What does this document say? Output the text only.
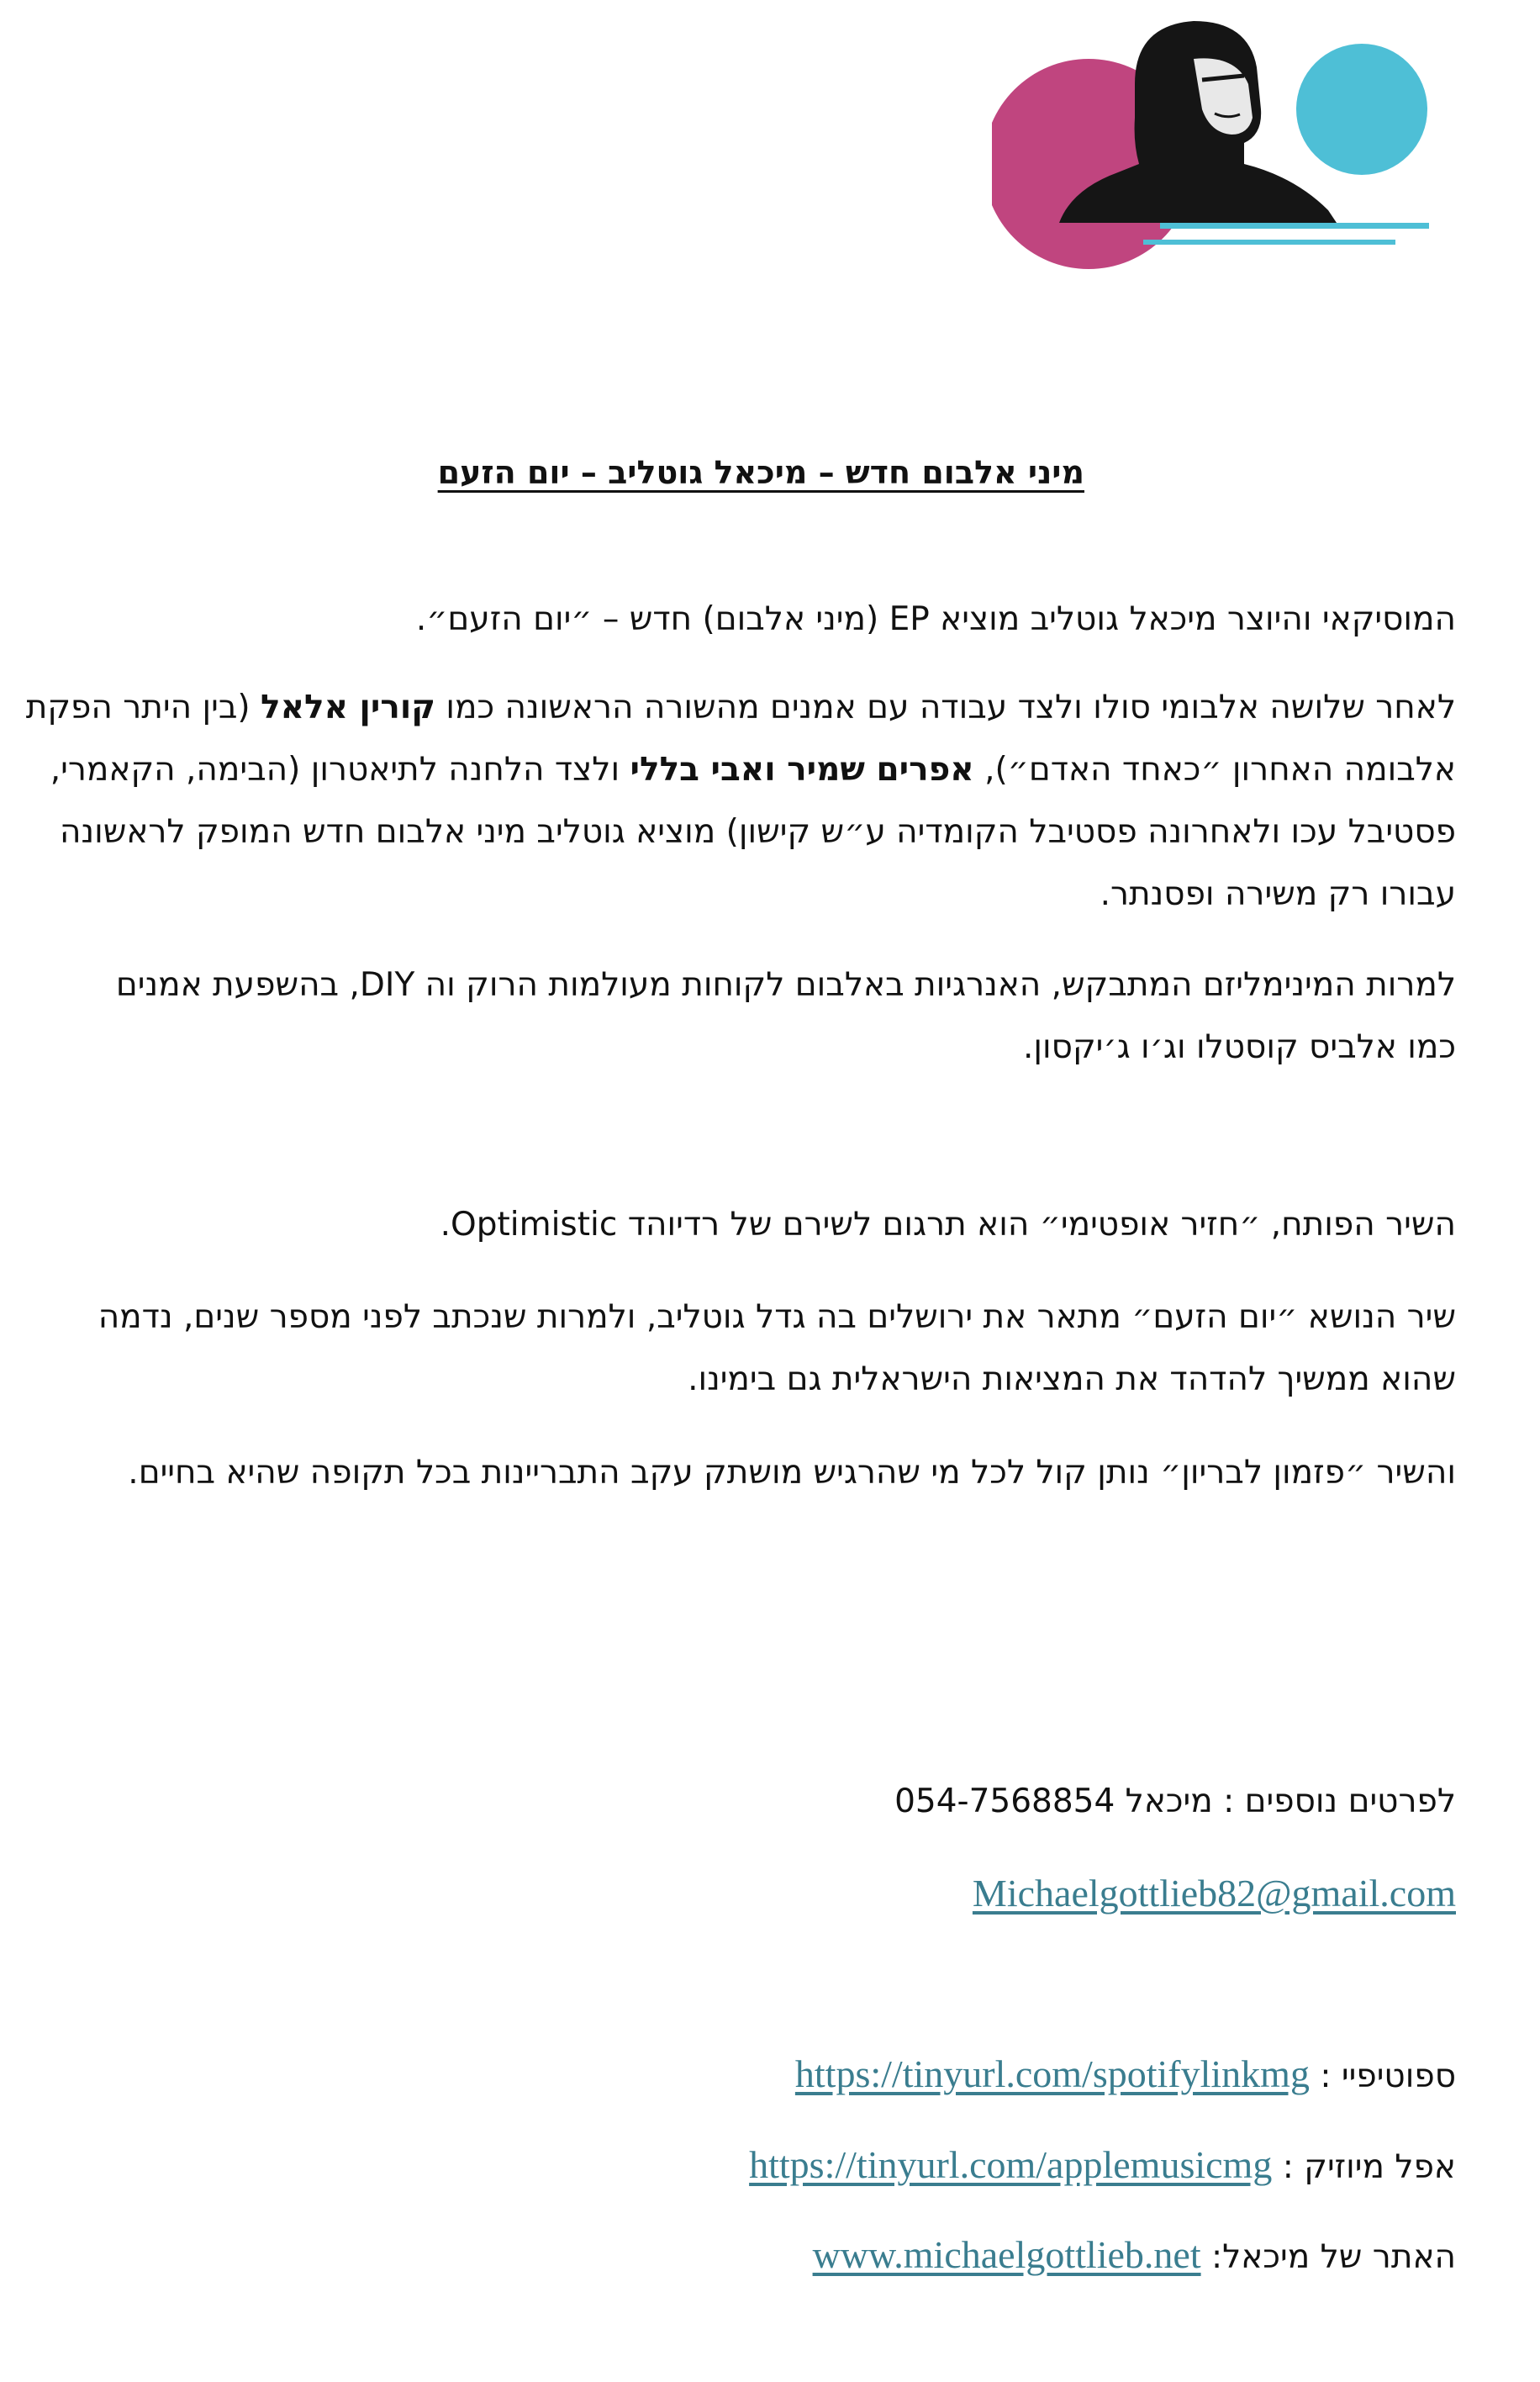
מיני אלבום חדש – מיכאל גוטליב – יום הזעם

המוסיקאי והיוצר מיכאל גוטליב מוציא EP (מיני אלבום) חדש – ״יום הזעם״.

לאחר שלושה אלבומי סולו ולצד עבודה עם אמנים מהשורה הראשונה כמו קורין אלאל (בין היתר הפקת אלבומה האחרון ״כאחד האדם״), אפרים שמיר ואבי בללי ולצד הלחנה לתיאטרון (הבימה, הקאמרי, פסטיבל עכו ולאחרונה פסטיבל הקומדיה ע״ש קישון) מוציא גוטליב מיני אלבום חדש המופק לראשונה עבורו רק משירה ופסנתר.

למרות המינימליזם המתבקש, האנרגיות באלבום לקוחות מעולמות הרוק וה DIY, בהשפעת אמנים כמו אלביס קוסטלו וג׳ו ג׳יקסון.

השיר הפותח, ״חזיר אופטימי״ הוא תרגום לשירם של רדיוהד Optimistic.

שיר הנושא ״יום הזעם״ מתאר את ירושלים בה גדל גוטליב, ולמרות שנכתב לפני מספר שנים, נדמה שהוא ממשיך להדהד את המציאות הישראלית גם בימינו.

והשיר ״פזמון לבריון״ נותן קול לכל מי שהרגיש מושתק עקב התבריינות בכל תקופה שהיא בחיים.

לפרטים נוספים : מיכאל 054-7568854
Michaelgottlieb82@gmail.com
ספוטיפיי : https://tinyurl.com/spotifylinkmg
אפל מיוזיק : https://tinyurl.com/applemusicmg
האתר של מיכאל: www.michaelgottlieb.net
